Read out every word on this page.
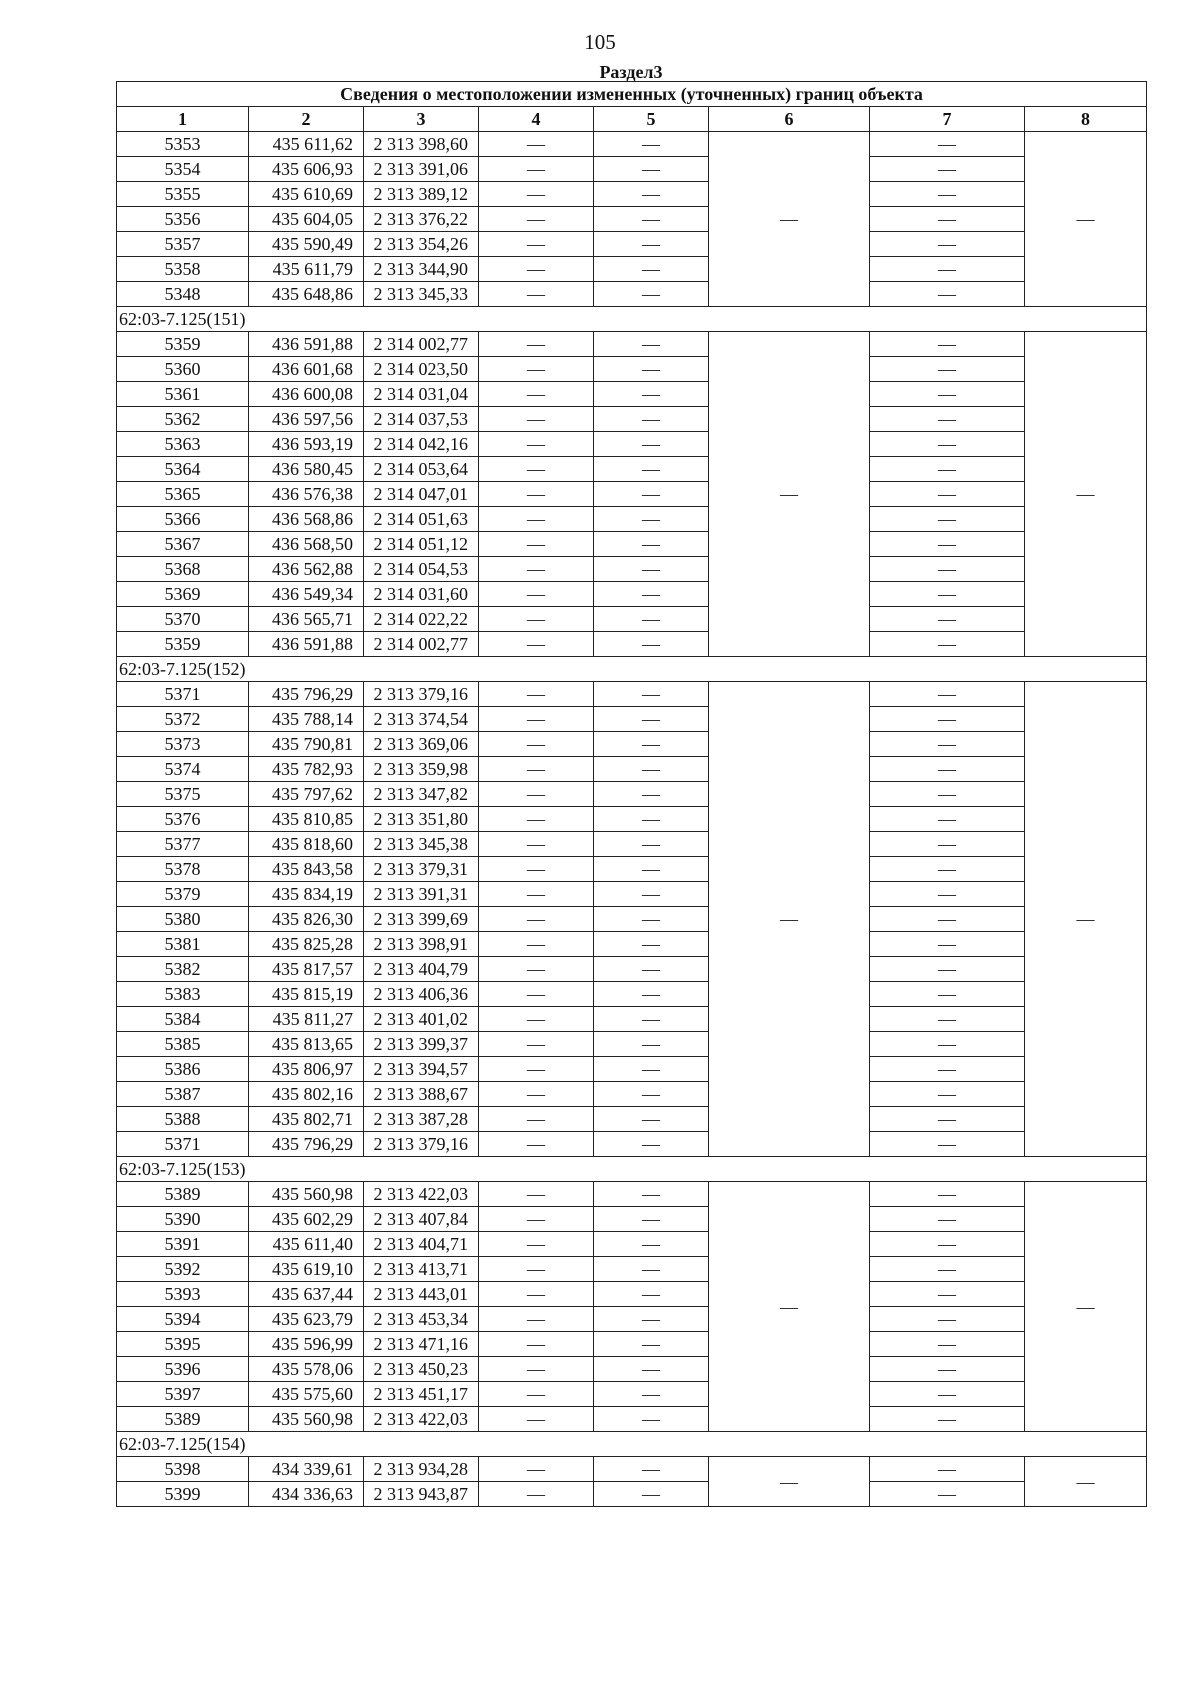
105
Раздел3
Сведения о местоположении измененных (уточненных) границ объекта							
1	2	3	4	5	6	7	8
5353	435 611,62	2 313 398,60	—	—	—	—	—
5354	435 606,93	2 313 391,06	—	—		—	
5355	435 610,69	2 313 389,12	—	—		—	
5356	435 604,05	2 313 376,22	—	—		—	
5357	435 590,49	2 313 354,26	—	—		—	
5358	435 611,79	2 313 344,90	—	—		—	
5348	435 648,86	2 313 345,33	—	—		—	
62:03-7.125(151)							
5359	436 591,88	2 314 002,77	—	—	—	—	—
5360	436 601,68	2 314 023,50	—	—		—	
5361	436 600,08	2 314 031,04	—	—		—	
5362	436 597,56	2 314 037,53	—	—		—	
5363	436 593,19	2 314 042,16	—	—		—	
5364	436 580,45	2 314 053,64	—	—		—	
5365	436 576,38	2 314 047,01	—	—		—	
5366	436 568,86	2 314 051,63	—	—		—	
5367	436 568,50	2 314 051,12	—	—		—	
5368	436 562,88	2 314 054,53	—	—		—	
5369	436 549,34	2 314 031,60	—	—		—	
5370	436 565,71	2 314 022,22	—	—		—	
5359	436 591,88	2 314 002,77	—	—		—	
62:03-7.125(152)							
5371	435 796,29	2 313 379,16	—	—	—	—	—
5372	435 788,14	2 313 374,54	—	—		—	
5373	435 790,81	2 313 369,06	—	—		—	
5374	435 782,93	2 313 359,98	—	—		—	
5375	435 797,62	2 313 347,82	—	—		—	
5376	435 810,85	2 313 351,80	—	—		—	
5377	435 818,60	2 313 345,38	—	—		—	
5378	435 843,58	2 313 379,31	—	—		—	
5379	435 834,19	2 313 391,31	—	—		—	
5380	435 826,30	2 313 399,69	—	—		—	
5381	435 825,28	2 313 398,91	—	—		—	
5382	435 817,57	2 313 404,79	—	—		—	
5383	435 815,19	2 313 406,36	—	—		—	
5384	435 811,27	2 313 401,02	—	—		—	
5385	435 813,65	2 313 399,37	—	—		—	
5386	435 806,97	2 313 394,57	—	—		—	
5387	435 802,16	2 313 388,67	—	—		—	
5388	435 802,71	2 313 387,28	—	—		—	
5371	435 796,29	2 313 379,16	—	—		—	
62:03-7.125(153)							
5389	435 560,98	2 313 422,03	—	—	—	—	—
5390	435 602,29	2 313 407,84	—	—		—	
5391	435 611,40	2 313 404,71	—	—		—	
5392	435 619,10	2 313 413,71	—	—		—	
5393	435 637,44	2 313 443,01	—	—		—	
5394	435 623,79	2 313 453,34	—	—		—	
5395	435 596,99	2 313 471,16	—	—		—	
5396	435 578,06	2 313 450,23	—	—		—	
5397	435 575,60	2 313 451,17	—	—		—	
5389	435 560,98	2 313 422,03	—	—		—	
62:03-7.125(154)							
5398	434 339,61	2 313 934,28	—	—	—	—	—
5399	434 336,63	2 313 943,87	—	—		—	
